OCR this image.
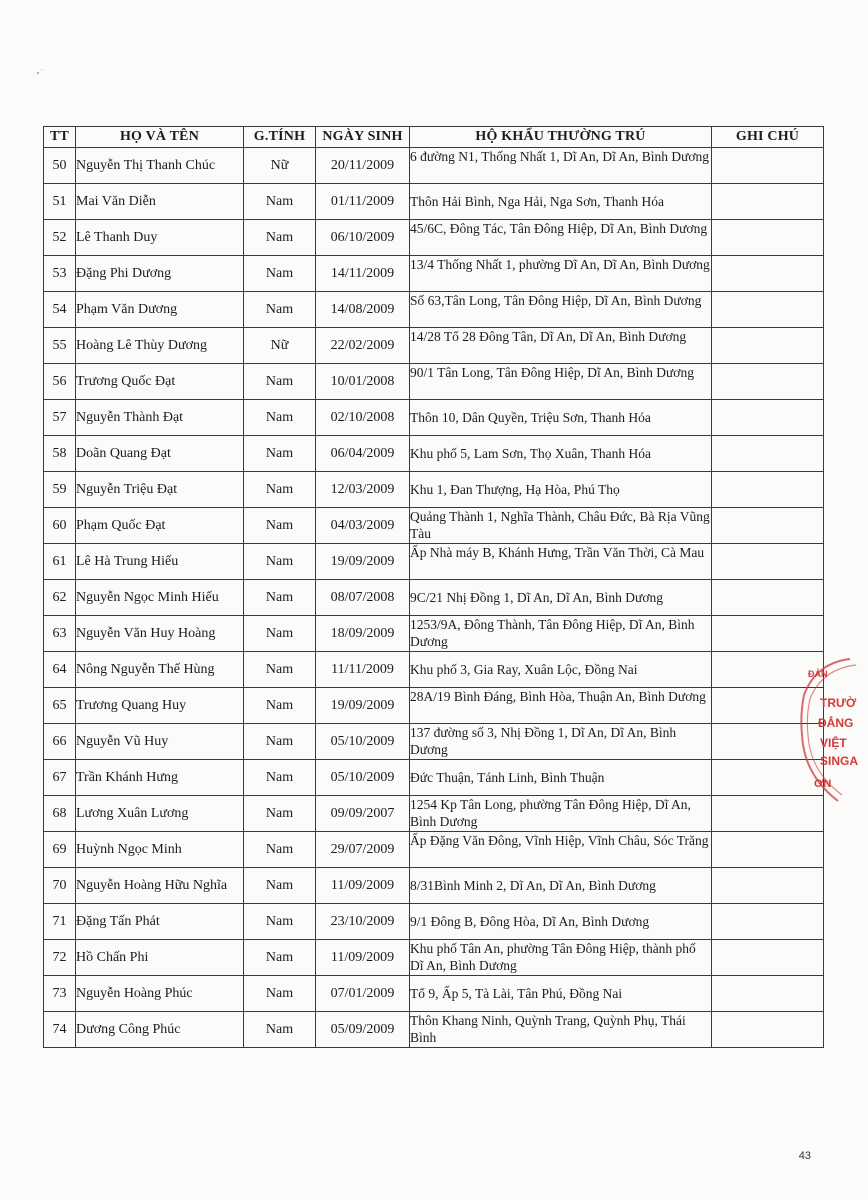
TT	HỌ VÀ TÊN	G.TÍNH	NGÀY SINH	HỘ KHẨU THƯỜNG TRÚ	GHI CHÚ
50	Nguyễn Thị Thanh Chúc	Nữ	20/11/2009	6 đường N1, Thống Nhất 1, Dĩ An, Dĩ An, Bình Dương	
51	Mai Văn Diễn	Nam	01/11/2009	Thôn Hải Bình, Nga Hải, Nga Sơn, Thanh Hóa	
52	Lê Thanh Duy	Nam	06/10/2009	45/6C, Đông Tác, Tân Đông Hiệp, Dĩ An, Bình Dương	
53	Đặng Phi Dương	Nam	14/11/2009	13/4 Thống Nhất 1, phường Dĩ An, Dĩ An, Bình Dương	
54	Phạm Văn Dương	Nam	14/08/2009	Số 63,Tân Long, Tân Đông Hiệp, Dĩ An, Bình Dương	
55	Hoàng Lê Thùy Dương	Nữ	22/02/2009	14/28 Tổ 28 Đông Tân, Dĩ An, Dĩ An, Bình Dương	
56	Trương Quốc Đạt	Nam	10/01/2008	90/1 Tân Long, Tân Đông Hiệp, Dĩ An, Bình Dương	
57	Nguyễn Thành Đạt	Nam	02/10/2008	Thôn 10, Dân Quyền, Triệu Sơn, Thanh Hóa	
58	Doãn Quang Đạt	Nam	06/04/2009	Khu phố 5, Lam Sơn, Thọ Xuân, Thanh Hóa	
59	Nguyễn Triệu Đạt	Nam	12/03/2009	Khu 1, Đan Thượng, Hạ Hòa, Phú Thọ	
60	Phạm Quốc Đạt	Nam	04/03/2009	Quảng Thành 1, Nghĩa Thành, Châu Đức, Bà Rịa Vũng Tàu	
61	Lê Hà Trung Hiếu	Nam	19/09/2009	Ấp Nhà máy B, Khánh Hưng, Trần Văn Thời, Cà Mau	
62	Nguyễn Ngọc Minh Hiếu	Nam	08/07/2008	9C/21 Nhị Đồng 1, Dĩ An, Dĩ An, Bình Dương	
63	Nguyễn Văn Huy Hoàng	Nam	18/09/2009	1253/9A, Đông Thành, Tân Đông Hiệp, Dĩ An, Bình Dương	
64	Nông Nguyễn Thế Hùng	Nam	11/11/2009	Khu phố 3, Gia Ray, Xuân Lộc, Đồng Nai	
65	Trương Quang Huy	Nam	19/09/2009	28A/19 Bình Đáng, Bình Hòa, Thuận An, Bình Dương	
66	Nguyễn Vũ Huy	Nam	05/10/2009	137 đường số 3, Nhị Đồng 1, Dĩ An, Dĩ An, Bình Dương	
67	Trần Khánh Hưng	Nam	05/10/2009	Đức Thuận, Tánh Linh, Bình Thuận	
68	Lương Xuân Lương	Nam	09/09/2007	1254 Kp Tân Long, phường Tân Đông Hiệp, Dĩ An, Bình Dương	
69	Huỳnh Ngọc Minh	Nam	29/07/2009	Ấp Đặng Văn Đông, Vĩnh Hiệp, Vĩnh Châu, Sóc Trăng	
70	Nguyễn Hoàng Hữu Nghĩa	Nam	11/09/2009	8/31Bình Minh 2, Dĩ An, Dĩ An, Bình Dương	
71	Đặng Tấn Phát	Nam	23/10/2009	9/1 Đông B, Đông Hòa, Dĩ An, Bình Dương	
72	Hồ Chấn Phi	Nam	11/09/2009	Khu phố Tân An, phường Tân Đông Hiệp, thành phố Dĩ An, Bình Dương	
73	Nguyễn Hoàng Phúc	Nam	07/01/2009	Tổ 9, Ấp 5, Tà Lài, Tân Phú, Đồng Nai	
74	Dương Công Phúc	Nam	05/09/2009	Thôn Khang Ninh, Quỳnh Trang, Quỳnh Phụ, Thái Bình	
ĐẢN
TRƯỜ
ĐẲNG
VIỆT
SINGA
ƠN
43
